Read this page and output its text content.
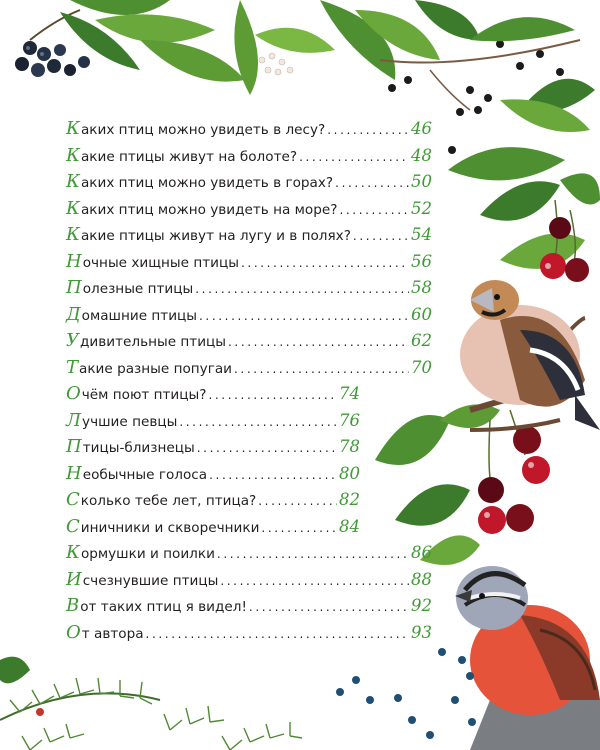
К аких птиц можно увидеть в лесу? .....	46
К акие птицы живут на болоте? .....	48
К аких птиц можно увидеть в горах? .....	50
К аких птиц можно увидеть на море? .....	52
К акие птицы живут на лугу и в полях? .....	54
Н очные хищные птицы .....	56
П олезные птицы .....	58
Д омашние птицы .....	60
У дивительные птицы .....	62
Т акие разные попугаи .....	70
О чём поют птицы? .....	74
Л учшие певцы .....	76
П тицы-близнецы .....	78
Н еобычные голоса .....	80
С колько тебе лет, птица? .....	82
С иничники и скворечники .....	84
К ормушки и поилки .....	86
И счезнувшие птицы .....	88
В от таких птиц я видел! .....	92
О т автора .....	93
